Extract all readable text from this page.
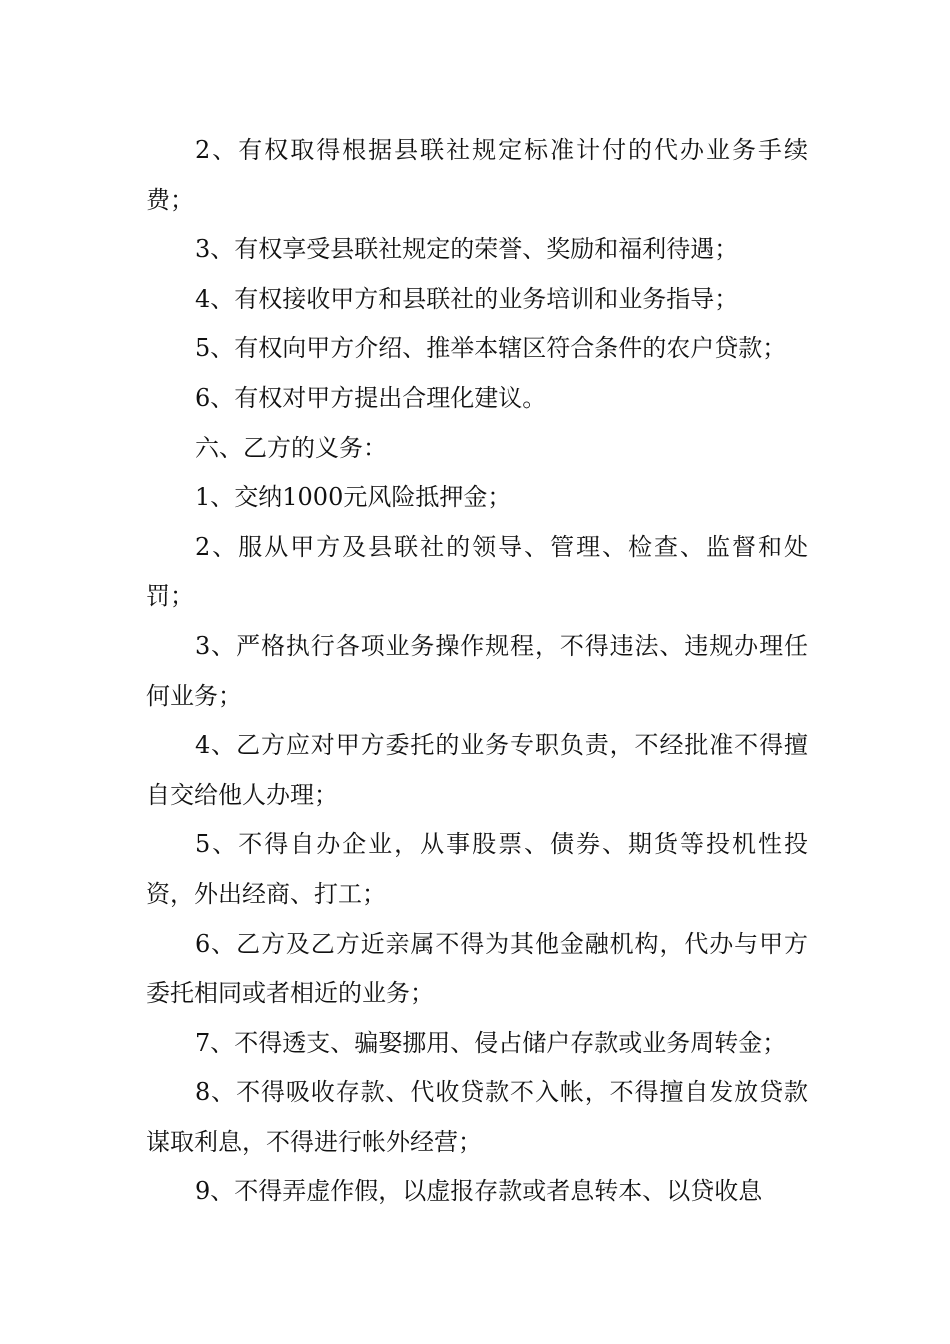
2、有权取得根据县联社规定标准计付的代办业务手续费；

3、有权享受县联社规定的荣誉、奖励和福利待遇；

4、有权接收甲方和县联社的业务培训和业务指导；

5、有权向甲方介绍、推举本辖区符合条件的农户贷款；

6、有权对甲方提出合理化建议。

六、乙方的义务：

1、交纳1000元风险抵押金；

2、服从甲方及县联社的领导、管理、检查、监督和处罚；

3、严格执行各项业务操作规程，不得违法、违规办理任何业务；

4、乙方应对甲方委托的业务专职负责，不经批准不得擅自交给他人办理；

5、不得自办企业，从事股票、债券、期货等投机性投资，外出经商、打工；

6、乙方及乙方近亲属不得为其他金融机构，代办与甲方委托相同或者相近的业务；

7、不得透支、骗娶挪用、侵占储户存款或业务周转金；

8、不得吸收存款、代收贷款不入帐，不得擅自发放贷款谋取利息，不得进行帐外经营；

9、不得弄虚作假，以虚报存款或者息转本、以贷收息
